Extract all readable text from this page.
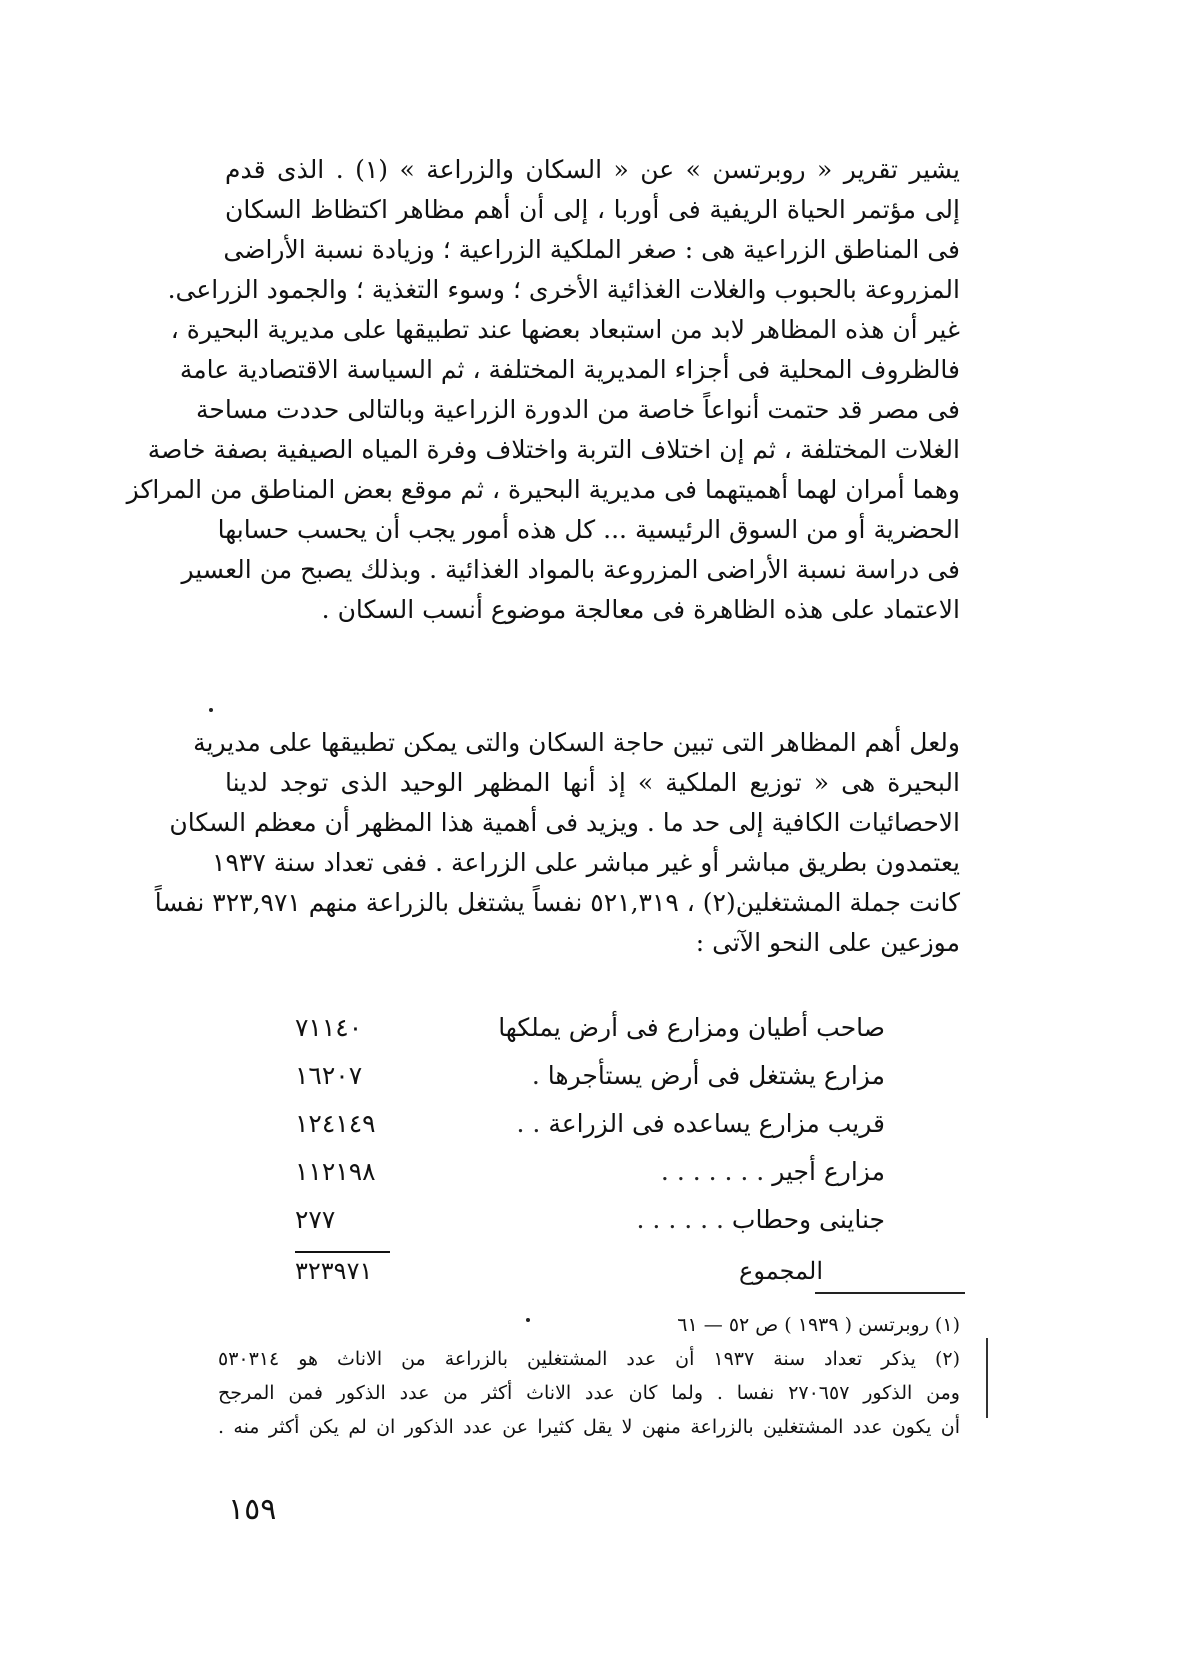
يشير تقرير « روبرتسن » عن « السكان والزراعة » (١) . الذى قدم
إلى مؤتمر الحياة الريفية فى أوربا ، إلى أن أهم مظاهر اكتظاظ السكان
فى المناطق الزراعية هى : صغر الملكية الزراعية ؛ وزيادة نسبة الأراضى
المزروعة بالحبوب والغلات الغذائية الأخرى ؛ وسوء التغذية ؛ والجمود الزراعى.
غير أن هذه المظاهر لابد من استبعاد بعضها عند تطبيقها على مديرية البحيرة ،
فالظروف المحلية فى أجزاء المديرية المختلفة ، ثم السياسة الاقتصادية عامة
فى مصر قد حتمت أنواعاً خاصة من الدورة الزراعية وبالتالى حددت مساحة
الغلات المختلفة ، ثم إن اختلاف التربة واختلاف وفرة المياه الصيفية بصفة خاصة
وهما أمران لهما أهميتهما فى مديرية البحيرة ، ثم موقع بعض المناطق من المراكز
الحضرية أو من السوق الرئيسية ... كل هذه أمور يجب أن يحسب حسابها
فى دراسة نسبة الأراضى المزروعة بالمواد الغذائية . وبذلك يصبح من العسير
الاعتماد على هذه الظاهرة فى معالجة موضوع أنسب السكان .
ولعل أهم المظاهر التى تبين حاجة السكان والتى يمكن تطبيقها على مديرية
البحيرة هى « توزيع الملكية » إذ أنها المظهر الوحيد الذى توجد لدينا
الاحصائيات الكافية إلى حد ما . ويزيد فى أهمية هذا المظهر أن معظم السكان
يعتمدون بطريق مباشر أو غير مباشر على الزراعة . ففى تعداد سنة ١٩٣٧
كانت جملة المشتغلين(٢) ، ٥٢١,٣١٩ نفساً يشتغل بالزراعة منهم ٣٢٣,٩٧١ نفساً
موزعين على النحو الآتى :
صاحب أطيان ومزارع فى أرض يملكها
٧١١٤٠
مزارع يشتغل فى أرض يستأجرها .
١٦٢٠٧
قريب مزارع يساعده فى الزراعة . .
١٢٤١٤٩
مزارع أجير . . . . . . .
١١٢١٩٨
جناينى وحطاب . . . . . .
٢٧٧
المجموع
٣٢٣٩٧١
(١) روبرتسن ( ١٩٣٩ ) ص ٥٢ — ٦١
(٢) يذكر تعداد سنة ١٩٣٧ أن عدد المشتغلين بالزراعة من الاناث هو ٥٣٠٣١٤
ومن الذكور ٢٧٠٦٥٧ نفسا . ولما كان عدد الاناث أكثر من عدد الذكور فمن المرجح
أن يكون عدد المشتغلين بالزراعة منهن لا يقل كثيرا عن عدد الذكور ان لم يكن أكثر منه .
١٥٩
